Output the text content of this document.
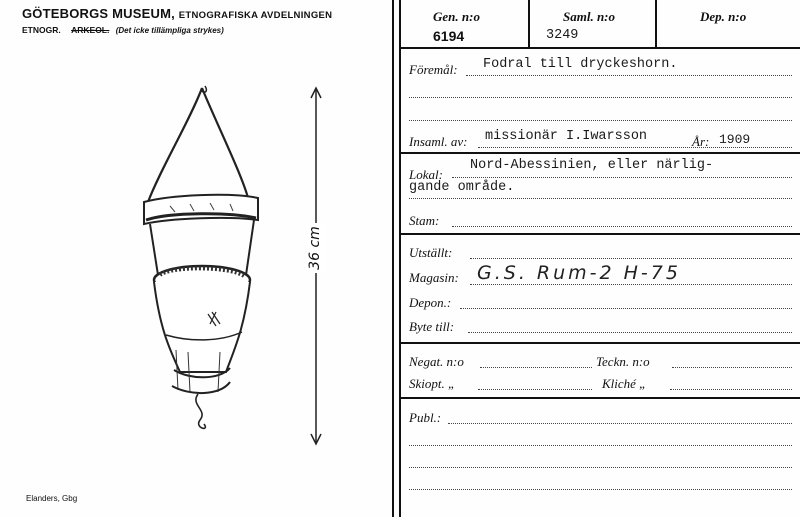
GÖTEBORGS MUSEUM, ETNOGRAFISKA AVDELNINGEN
ETNOGR. ARKEOL. (Det icke tillämpliga strykes)
36 cm
Elanders, Gbg
Gen. n:o
6194
Saml. n:o
3249
Dep. n:o
Föremål: Fodral till dryckeshorn.
Insaml. av: missionär I.Iwarsson	År: 1909
Lokal:
Nord-Abessinien, eller närlig-
gande område.
Stam:
Utställt:
Magasin: G.S. Rum-2 H-75
Depon.:
Byte till:
Negat. n:o	Teckn. n:o
Skiopt. „	Kliché „
Publ.:
